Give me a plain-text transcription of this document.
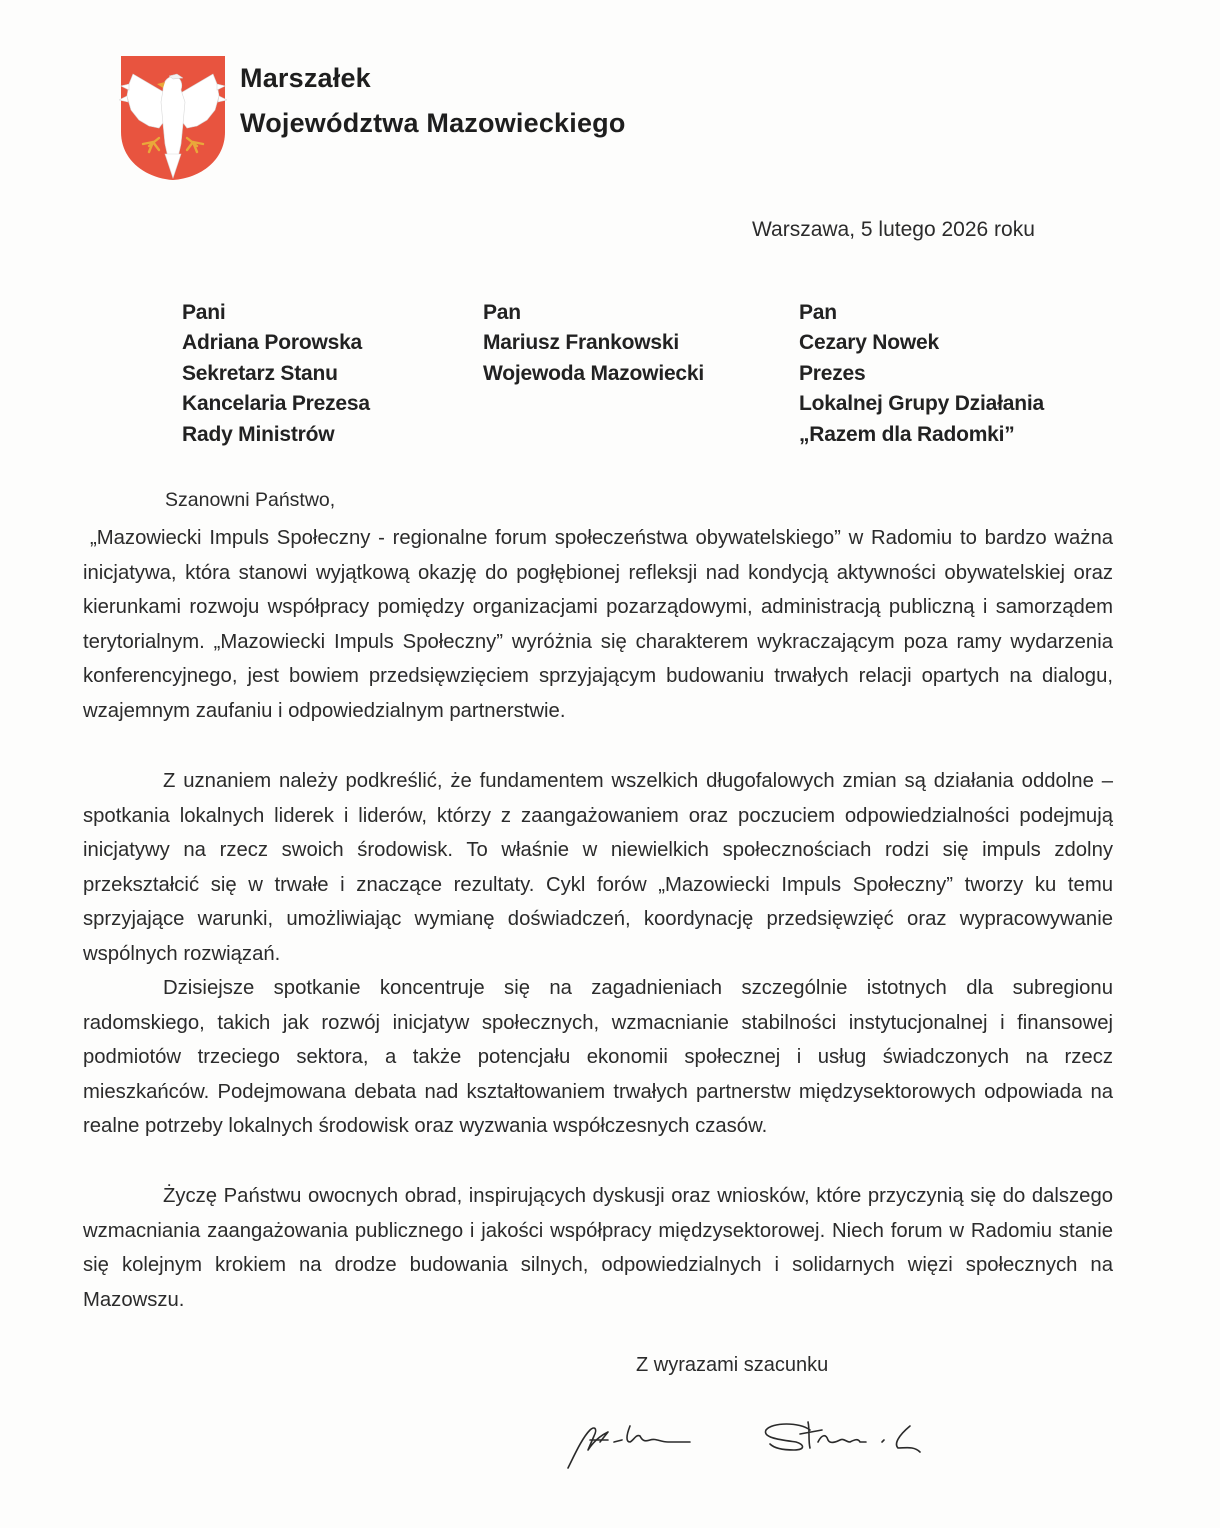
Marszałek
Województwa Mazowieckiego
Warszawa, 5 lutego 2026 roku
Pani
Adriana Porowska
Sekretarz Stanu
Kancelaria Prezesa
Rady Ministrów
Pan
Mariusz Frankowski
Wojewoda Mazowiecki
Pan
Cezary Nowek
Prezes
Lokalnej Grupy Działania
„Razem dla Radomki”
Szanowni Państwo,

„Mazowiecki Impuls Społeczny - regionalne forum społeczeństwa obywatelskiego” w Radomiu to bardzo ważna inicjatywa, która stanowi wyjątkową okazję do pogłębionej refleksji nad kondycją aktywności obywatelskiej oraz kierunkami rozwoju współpracy pomiędzy organizacjami pozarządowymi, administracją publiczną i samorządem terytorialnym. „Mazowiecki Impuls Społeczny” wyróżnia się charakterem wykraczającym poza ramy wydarzenia konferencyjnego, jest bowiem przedsięwzięciem sprzyjającym budowaniu trwałych relacji opartych na dialogu, wzajemnym zaufaniu i odpowiedzialnym partnerstwie.

Z uznaniem należy podkreślić, że fundamentem wszelkich długofalowych zmian są działania oddolne – spotkania lokalnych liderek i liderów, którzy z zaangażowaniem oraz poczuciem odpowiedzialności podejmują inicjatywy na rzecz swoich środowisk. To właśnie w niewielkich społecznościach rodzi się impuls zdolny przekształcić się w trwałe i znaczące rezultaty. Cykl forów „Mazowiecki Impuls Społeczny” tworzy ku temu sprzyjające warunki, umożliwiając wymianę doświadczeń, koordynację przedsięwzięć oraz wypracowywanie wspólnych rozwiązań.

Dzisiejsze spotkanie koncentruje się na zagadnieniach szczególnie istotnych dla subregionu radomskiego, takich jak rozwój inicjatyw społecznych, wzmacnianie stabilności instytucjonalnej i finansowej podmiotów trzeciego sektora, a także potencjału ekonomii społecznej i usług świadczonych na rzecz mieszkańców. Podejmowana debata nad kształtowaniem trwałych partnerstw międzysektorowych odpowiada na realne potrzeby lokalnych środowisk oraz wyzwania współczesnych czasów.

Życzę Państwu owocnych obrad, inspirujących dyskusji oraz wniosków, które przyczynią się do dalszego wzmacniania zaangażowania publicznego i jakości współpracy międzysektorowej. Niech forum w Radomiu stanie się kolejnym krokiem na drodze budowania silnych, odpowiedzialnych i solidarnych więzi społecznych na Mazowszu.

Z wyrazami szacunku
